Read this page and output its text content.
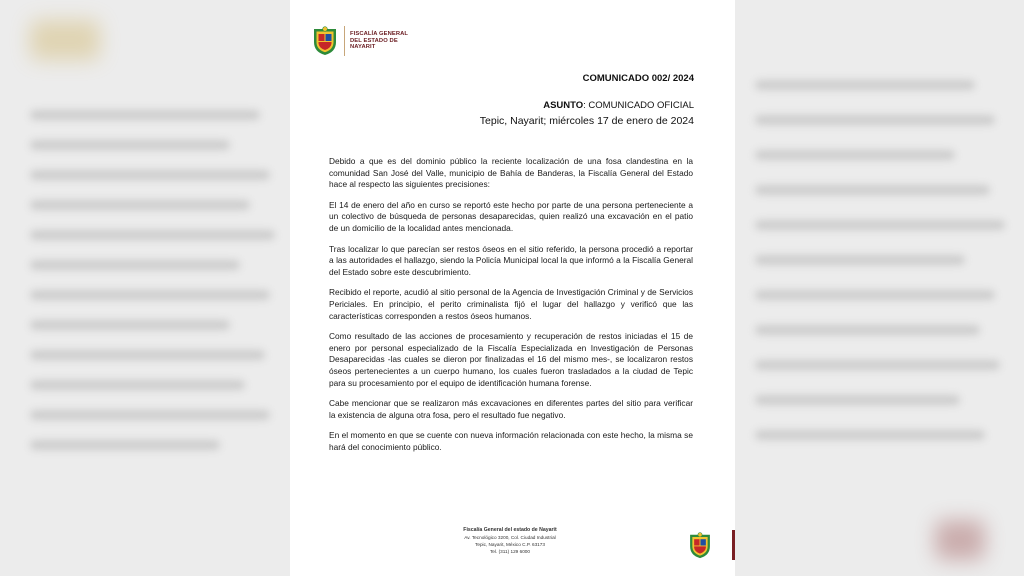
FISCALÍA GENERAL
DEL ESTADO DE
NAYARIT
COMUNICADO 002/ 2024
ASUNTO: COMUNICADO OFICIAL
Tepic, Nayarit; miércoles 17 de enero de 2024

Debido a que es del dominio público la reciente localización de una fosa clandestina en la comunidad San José del Valle, municipio de Bahía de Banderas, la Fiscalía General del Estado hace al respecto las siguientes precisiones:

El 14 de enero del año en curso se reportó este hecho por parte de una persona perteneciente a un colectivo de búsqueda de personas desaparecidas, quien realizó una excavación en el patio de un domicilio de la localidad antes mencionada.

Tras localizar lo que parecían ser restos óseos en el sitio referido, la persona procedió a reportar a las autoridades el hallazgo, siendo la Policía Municipal local la que informó a la Fiscalía General del Estado sobre este descubrimiento.

Recibido el reporte, acudió al sitio personal de la Agencia de Investigación Criminal y de Servicios Periciales. En principio, el perito criminalista fijó el lugar del hallazgo y verificó que las características corresponden a restos óseos humanos.

Como resultado de las acciones de procesamiento y recuperación de restos iniciadas el 15 de enero por personal especializado de la Fiscalía Especializada en Investigación de Personas Desaparecidas -las cuales se dieron por finalizadas el 16 del mismo mes-, se localizaron restos óseos pertenecientes a un cuerpo humano, los cuales fueron trasladados a la ciudad de Tepic para su procesamiento por el equipo de identificación humana forense.

Cabe mencionar que se realizaron más excavaciones en diferentes partes del sitio para verificar la existencia de alguna otra fosa, pero el resultado fue negativo.

En el momento en que se cuente con nueva información relacionada con este hecho, la misma se hará del conocimiento público.

Fiscalía General del estado de Nayarit
Av. Tecnológico 3200, Col. Ciudad Industrial
Tepic, Nayarit, México C.P. 63173
Tel. (311) 129 6000
